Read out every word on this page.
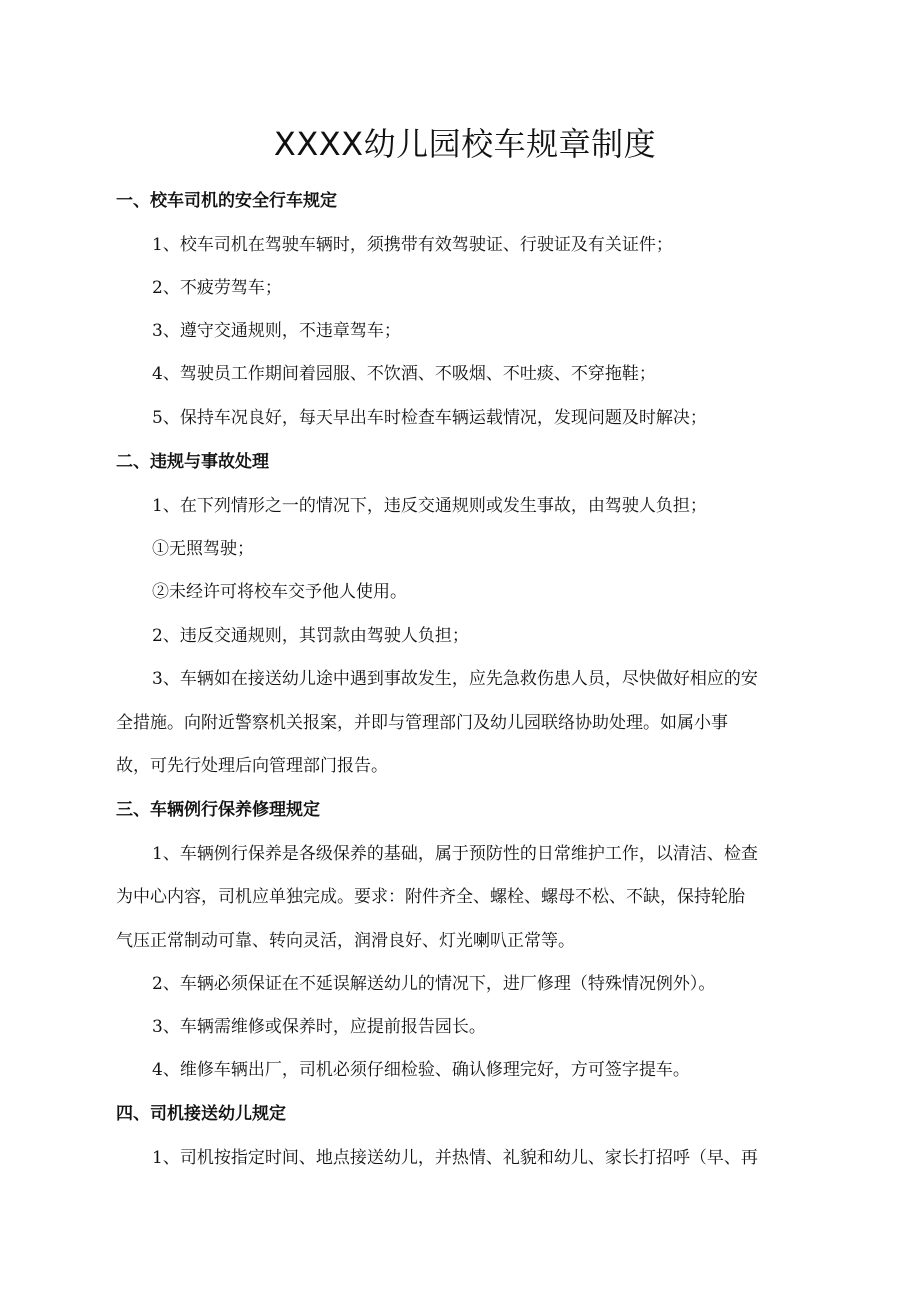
XXXX幼儿园校车规章制度
一、校车司机的安全行车规定
1、校车司机在驾驶车辆时，须携带有效驾驶证、行驶证及有关证件；
2、不疲劳驾车；
3、遵守交通规则，不违章驾车；
4、驾驶员工作期间着园服、不饮酒、不吸烟、不吐痰、不穿拖鞋；
5、保持车况良好，每天早出车时检查车辆运载情况，发现问题及时解决；
二、违规与事故处理
1、在下列情形之一的情况下，违反交通规则或发生事故，由驾驶人负担；
①无照驾驶；
②未经许可将校车交予他人使用。
2、违反交通规则，其罚款由驾驶人负担；
3、车辆如在接送幼儿途中遇到事故发生，应先急救伤患人员，尽快做好相应的安
全措施。向附近警察机关报案，并即与管理部门及幼儿园联络协助处理。如属小事
故，可先行处理后向管理部门报告。
三、车辆例行保养修理规定
1、车辆例行保养是各级保养的基础，属于预防性的日常维护工作，以清洁、检查
为中心内容，司机应单独完成。要求：附件齐全、螺栓、螺母不松、不缺，保持轮胎
气压正常制动可靠、转向灵活，润滑良好、灯光喇叭正常等。
2、车辆必须保证在不延误解送幼儿的情况下，进厂修理（特殊情况例外）。
3、车辆需维修或保养时，应提前报告园长。
4、维修车辆出厂，司机必须仔细检验、确认修理完好，方可签字提车。
四、司机接送幼儿规定
1、司机按指定时间、地点接送幼儿，并热情、礼貌和幼儿、家长打招呼（早、再
